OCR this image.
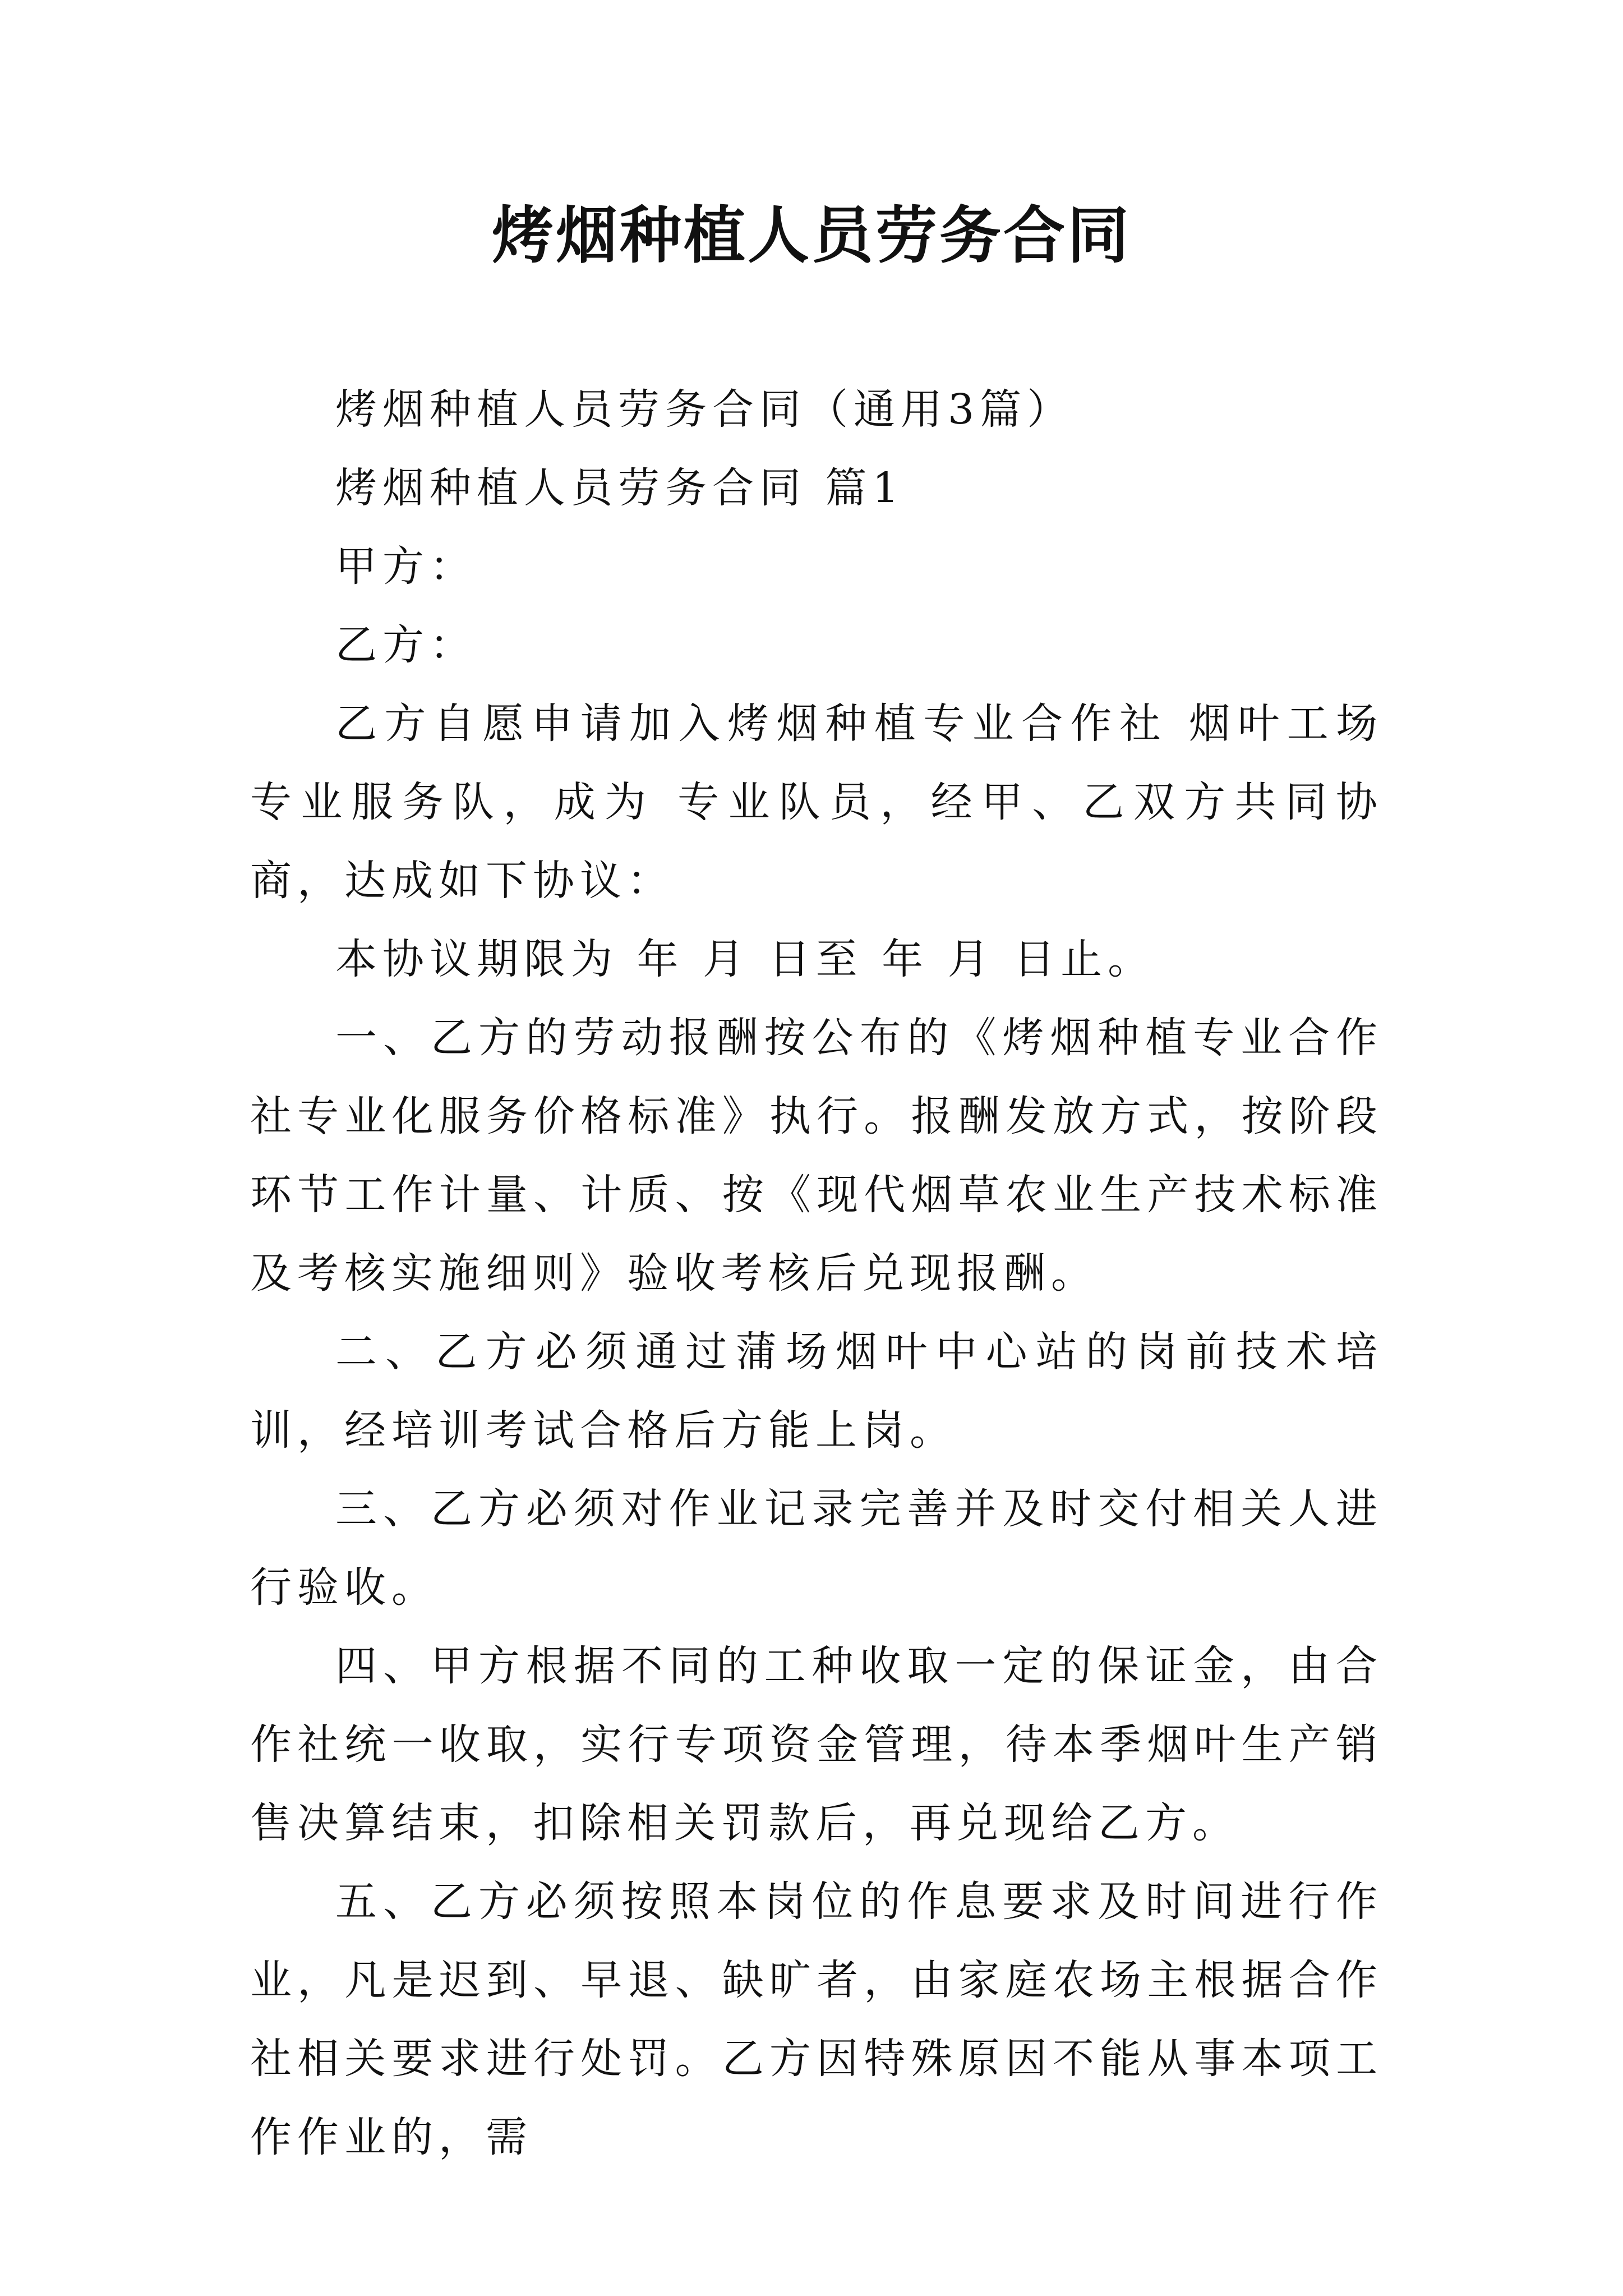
烤烟种植人员劳务合同

烤烟种植人员劳务合同（通用3篇）

烤烟种植人员劳务合同 篇1

甲方：

乙方：

乙方自愿申请加入烤烟种植专业合作社 烟叶工场 专业服务队，成为 专业队员，经甲、乙双方共同协商，达成如下协议：

本协议期限为 年 月 日至 年 月 日止。

一、乙方的劳动报酬按公布的《烤烟种植专业合作社专业化服务价格标准》执行。报酬发放方式，按阶段环节工作计量、计质、按《现代烟草农业生产技术标准及考核实施细则》验收考核后兑现报酬。

二、乙方必须通过蒲场烟叶中心站的岗前技术培训，经培训考试合格后方能上岗。

三、乙方必须对作业记录完善并及时交付相关人进行验收。

四、甲方根据不同的工种收取一定的保证金，由合作社统一收取，实行专项资金管理，待本季烟叶生产销售决算结束，扣除相关罚款后，再兑现给乙方。

五、乙方必须按照本岗位的作息要求及时间进行作业，凡是迟到、早退、缺旷者，由家庭农场主根据合作社相关要求进行处罚。乙方因特殊原因不能从事本项工作作业的，需
